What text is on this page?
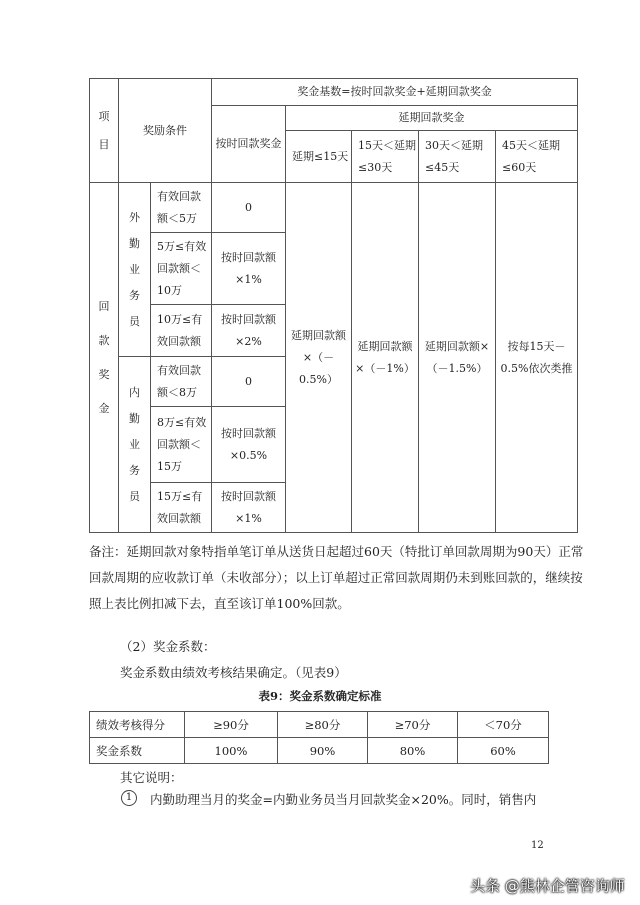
项目	奖励条件		奖金基数=按时回款奖金+延期回款奖金				
			按时回款奖金	延期回款奖金			
				延期≤15天	15天＜延期≤30天	30天＜延期≤45天	45天＜延期≤60天
回款奖金	外勤业务员	有效回款额＜5万	0	延期回款额×（－0.5%）	延期回款额×（－1%）	延期回款额×（－1.5%）	按每15天－0.5%依次类推
		5万≤有效回款额＜10万	按时回款额×1%				
		10万≤有效回款额	按时回款额×2%				
	内勤业务员	有效回款额＜8万	0				
		8万≤有效回款额＜15万	按时回款额×0.5%				
		15万≤有效回款额	按时回款额×1%				

备注：延期回款对象特指单笔订单从送货日起超过60天（特批订单回款周期为90天）正常回款周期的应收款订单（未收部分）；以上订单超过正常回款周期仍未到账回款的，继续按照上表比例扣减下去，直至该订单100%回款。

（2）奖金系数：

奖金系数由绩效考核结果确定。（见表9）

表9：奖金系数确定标准

绩效考核得分	≥90分	≥80分	≥70分	＜70分
奖金系数	100%	90%	80%	60%

其它说明：

1	内勤助理当月的奖金=内勤业务员当月回款奖金×20%。同时，销售内

12

头条 @熊林企管咨询师
